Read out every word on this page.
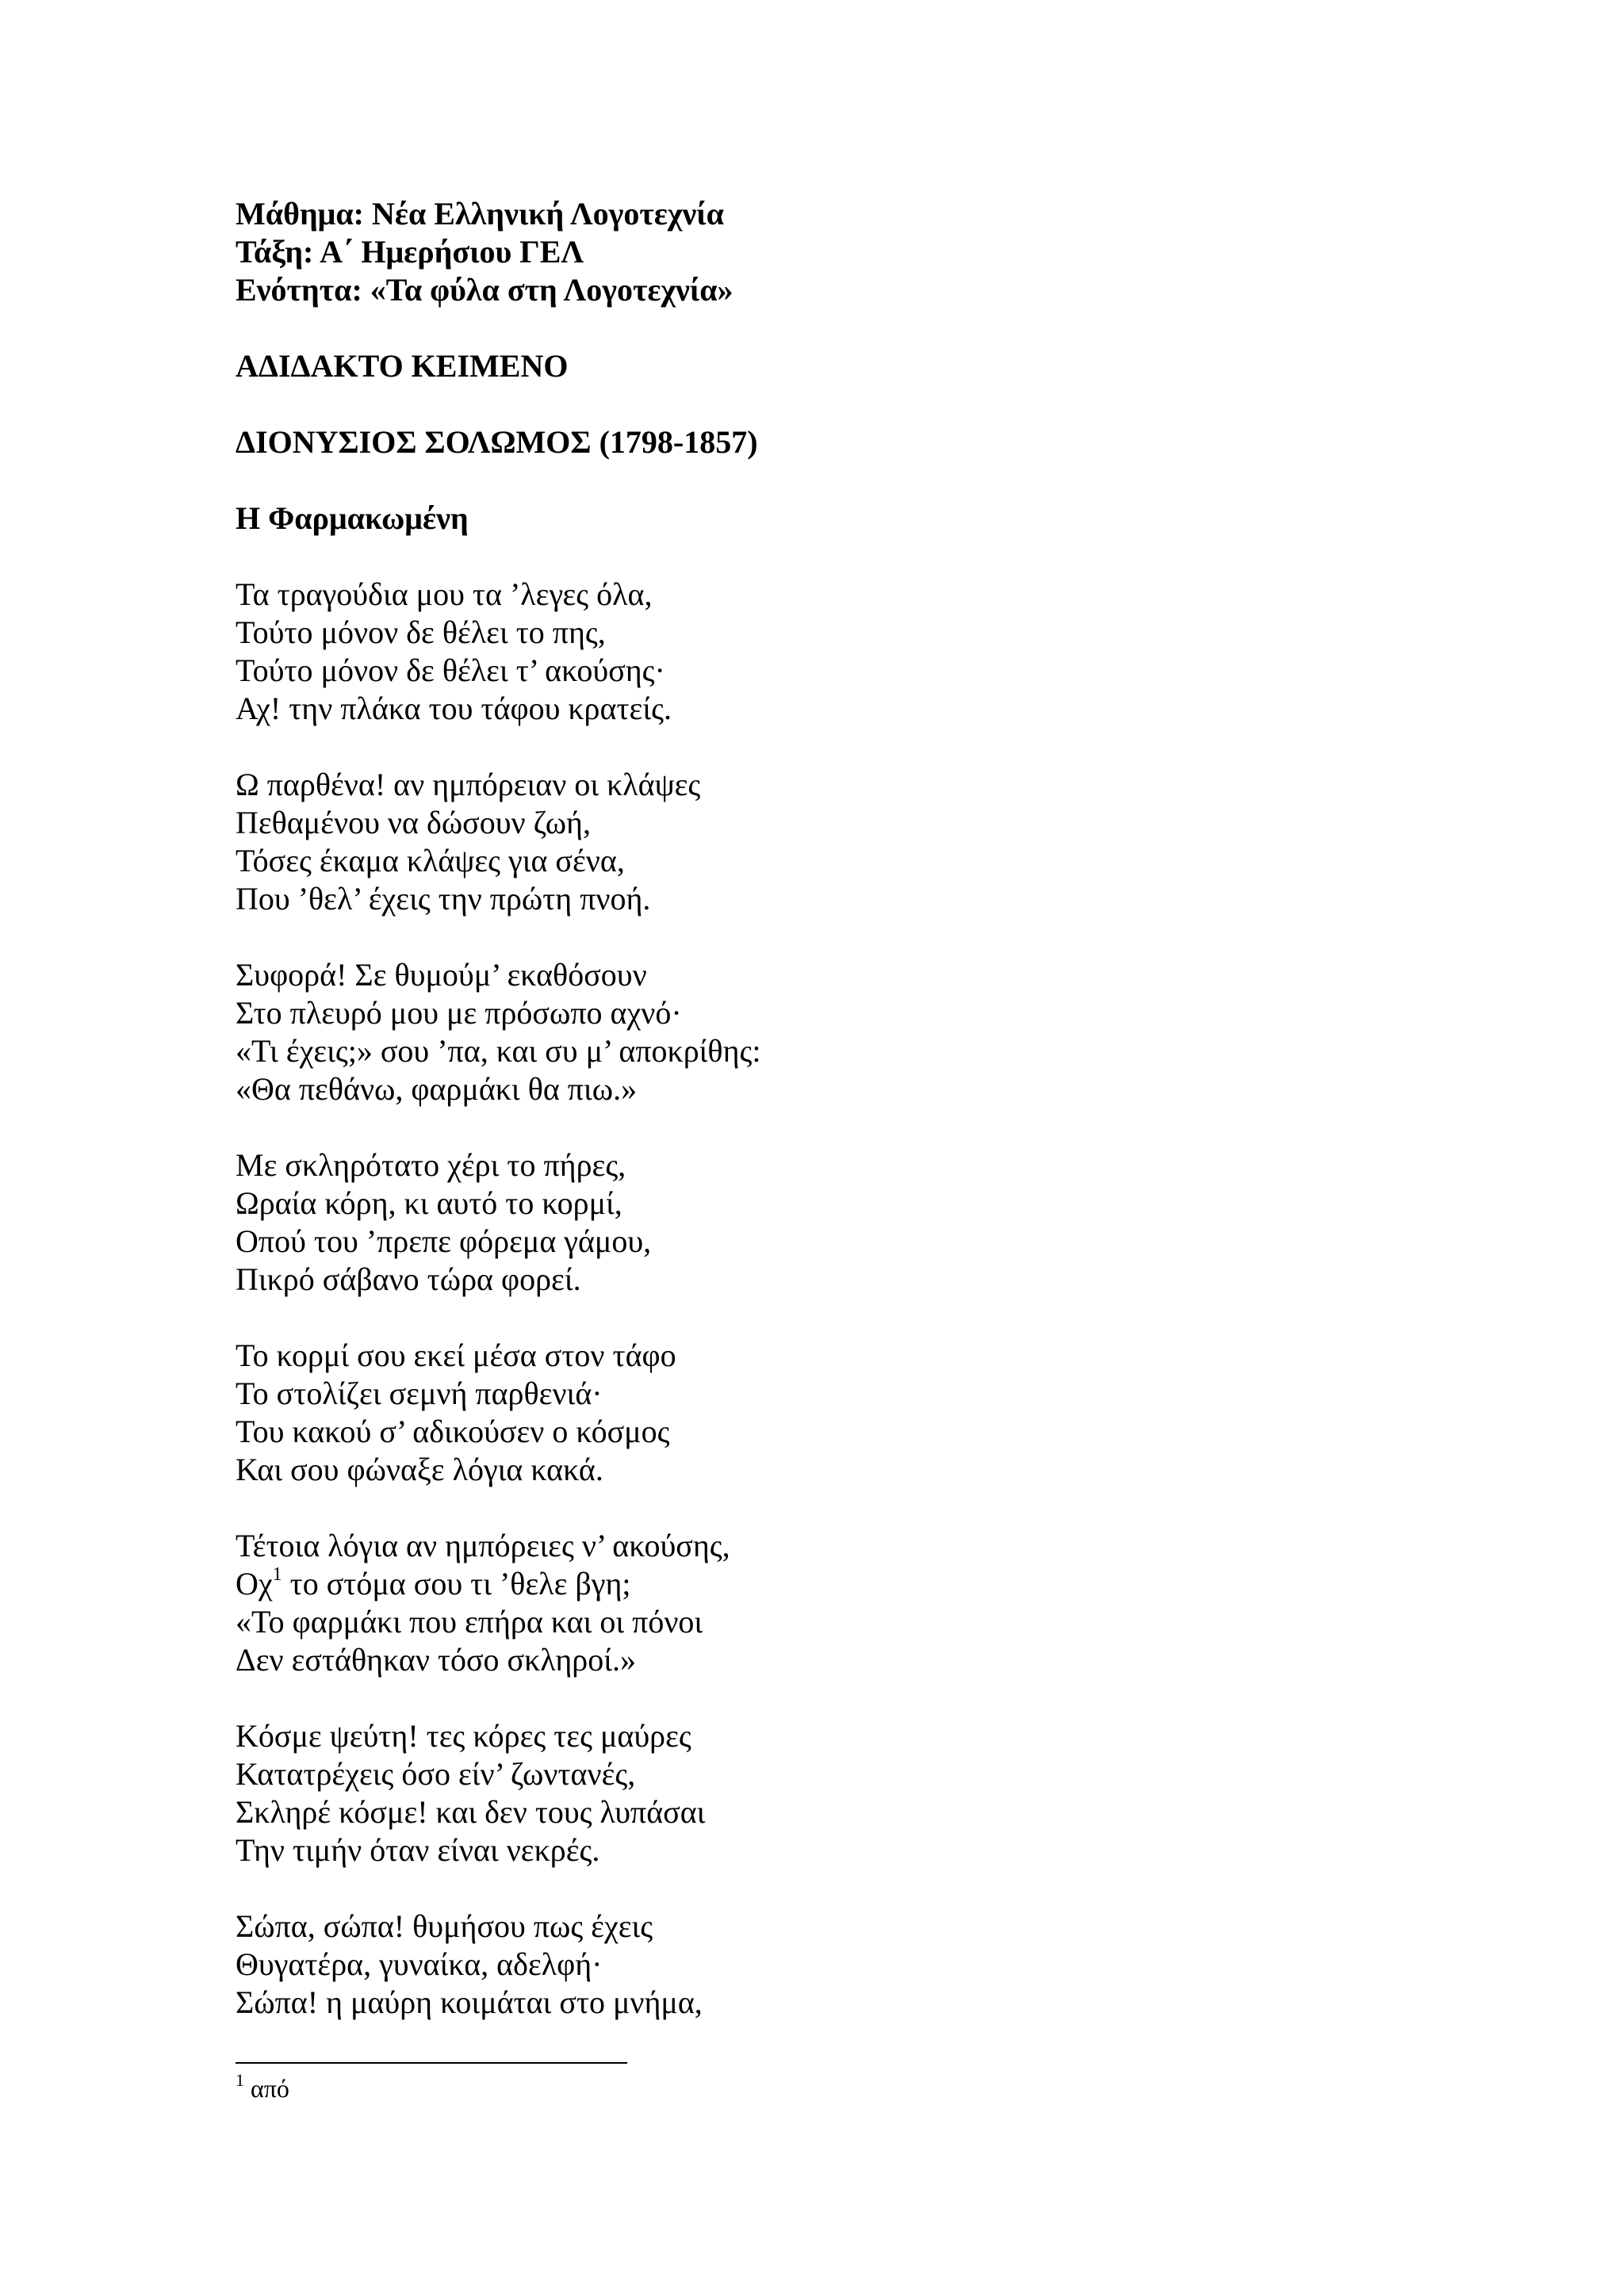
Μάθημα: Νέα Ελληνική Λογοτεχνία
Τάξη: Α΄ Ημερήσιου ΓΕΛ
Ενότητα: «Τα φύλα στη Λογοτεχνία»
ΑΔΙΔΑΚΤΟ ΚΕΙΜΕΝΟ
ΔΙΟΝΥΣΙΟΣ ΣΟΛΩΜΟΣ (1798-1857)
Η Φαρμακωμένη
Τα τραγούδια μου τα ’λεγες όλα,
Τούτο μόνον δε θέλει το πης,
Τούτο μόνον δε θέλει τ’ ακούσης·
Αχ! την πλάκα του τάφου κρατείς.
Ω παρθένα! αν ημπόρειαν οι κλάψες
Πεθαμένου να δώσουν ζωή,
Τόσες έκαμα κλάψες για σένα,
Που ’θελ’ έχεις την πρώτη πνοή.
Συφορά! Σε θυμούμ’ εκαθόσουν
Στο πλευρό μου με πρόσωπο αχνό·
«Τι έχεις;» σου ’πα, και συ μ’ αποκρίθης:
«Θα πεθάνω, φαρμάκι θα πιω.»
Με σκληρότατο χέρι το πήρες,
Ωραία κόρη, κι αυτό το κορμί,
Οπού του ’πρεπε φόρεμα γάμου,
Πικρό σάβανο τώρα φορεί.
Το κορμί σου εκεί μέσα στον τάφο
Το στολίζει σεμνή παρθενιά·
Του κακού σ’ αδικούσεν ο κόσμος
Και σου φώναξε λόγια κακά.
Τέτοια λόγια αν ημπόρειες ν’ ακούσης,
$O\chi^1$ το στόμα σου τι ’θελε βγη;
«Το φαρμάκι που επήρα και οι πόνοι
Δεν εστάθηκαν τόσο σκληροί.»
Κόσμε ψεύτη! τες κόρες τες μαύρες
Κατατρέχεις όσο είν’ ζωντανές,
Σκληρέ κόσμε! και δεν τους λυπάσαι
Την τιμήν όταν είναι νεκρές.
Σώπα, σώπα! θυμήσου πως έχεις
Θυγατέρα, γυναίκα, αδελφή·
Σώπα! η μαύρη κοιμάται στο μνήμα,
$^1$ από
